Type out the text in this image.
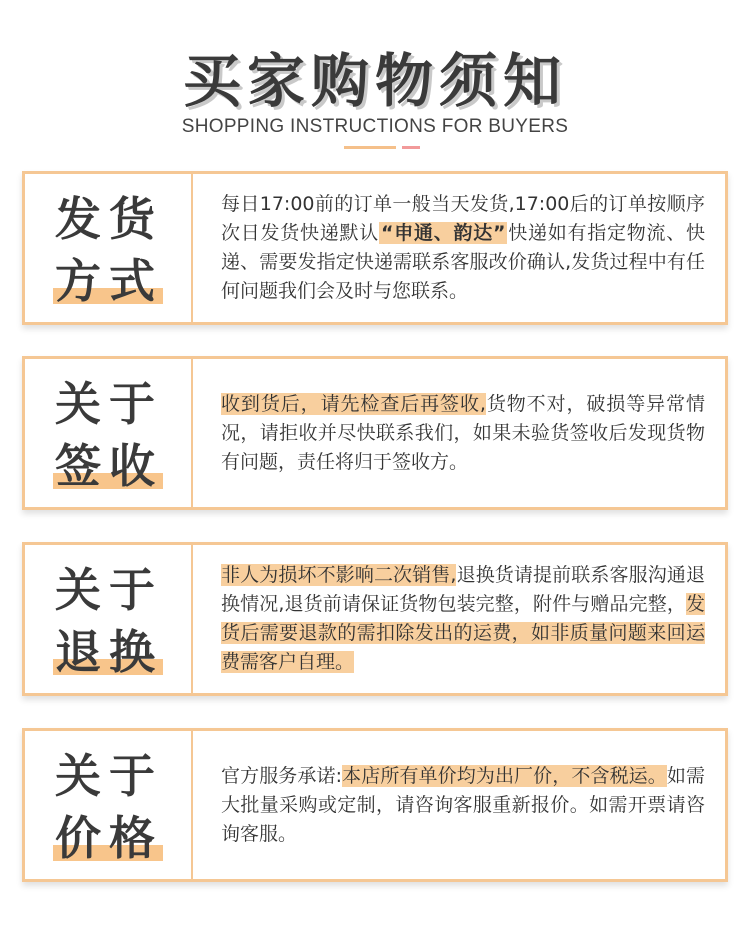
买家购物须知
SHOPPING INSTRUCTIONS FOR BUYERS
发货
方式

每日17:00前的订单一般当天发货,17:00后的订单按顺序次日发货快递默认 “申通、韵达” 快递如有指定物流、快递、需要发指定快递需联系客服改价确认,发货过程中有任何问题我们会及时与您联系。

关于
签收

收到货后，请先检查后再签收,货物不对，破损等异常情况，请拒收并尽快联系我们，如果未验货签收后发现货物有问题，责任将归于签收方。

关于
退换

非人为损坏不影响二次销售,退换货请提前联系客服沟通退换情况,退货前请保证货物包装完整，附件与赠品完整，发货后需要退款的需扣除发出的运费，如非质量问题来回运费需客户自理。

关于
价格

官方服务承诺:本店所有单价均为出厂价，不含税运。如需大批量采购或定制，请咨询客服重新报价。如需开票请咨询客服。
